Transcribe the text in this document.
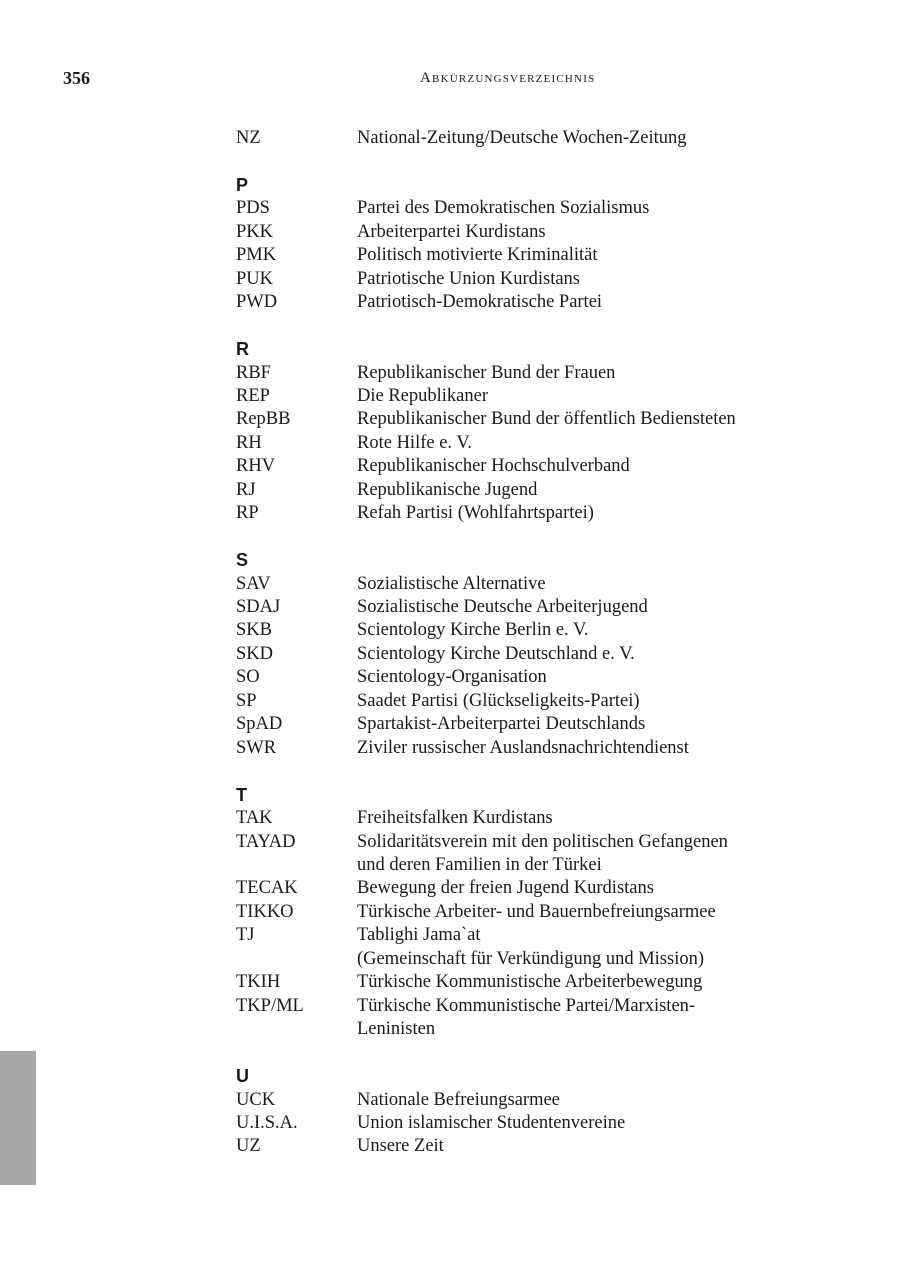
356	Abkürzungsverzeichnis
NZ	National-Zeitung/Deutsche Wochen-Zeitung
P
PDS	Partei des Demokratischen Sozialismus
PKK	Arbeiterpartei Kurdistans
PMK	Politisch motivierte Kriminalität
PUK	Patriotische Union Kurdistans
PWD	Patriotisch-Demokratische Partei
R
RBF	Republikanischer Bund der Frauen
REP	Die Republikaner
RepBB	Republikanischer Bund der öffentlich Bediensteten
RH	Rote Hilfe e. V.
RHV	Republikanischer Hochschulverband
RJ	Republikanische Jugend
RP	Refah Partisi (Wohlfahrtspartei)
S
SAV	Sozialistische Alternative
SDAJ	Sozialistische Deutsche Arbeiterjugend
SKB	Scientology Kirche Berlin e. V.
SKD	Scientology Kirche Deutschland e. V.
SO	Scientology-Organisation
SP	Saadet Partisi (Glückseligkeits-Partei)
SpAD	Spartakist-Arbeiterpartei Deutschlands
SWR	Ziviler russischer Auslandsnachrichtendienst
T
TAK	Freiheitsfalken Kurdistans
TAYAD	Solidaritätsverein mit den politischen Gefangenen
und deren Familien in der Türkei
TECAK	Bewegung der freien Jugend Kurdistans
TIKKO	Türkische Arbeiter- und Bauernbefreiungsarmee
TJ	Tablighi Jama`at
(Gemeinschaft für Verkündigung und Mission)
TKIH	Türkische Kommunistische Arbeiterbewegung
TKP/ML	Türkische Kommunistische Partei/Marxisten-
Leninisten
U
UCK	Nationale Befreiungsarmee
U.I.S.A.	Union islamischer Studentenvereine
UZ	Unsere Zeit
